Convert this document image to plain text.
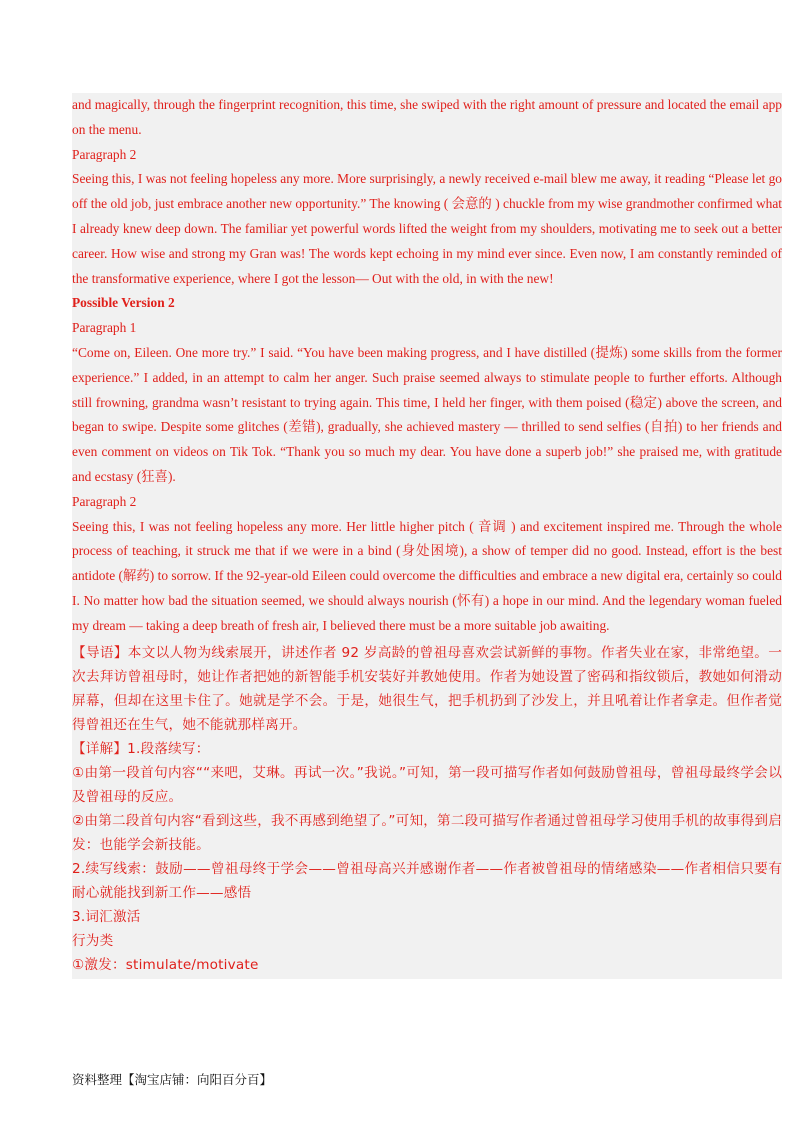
and magically, through the fingerprint recognition, this time, she swiped with the right amount of pressure and located the email app on the menu.

Paragraph 2

Seeing this, I was not feeling hopeless any more. More surprisingly, a newly received e-mail blew me away, it reading “Please let go off the old job, just embrace another new opportunity.” The knowing ( 会意的 ) chuckle from my wise grandmother confirmed what I already knew deep down. The familiar yet powerful words lifted the weight from my shoulders, motivating me to seek out a better career. How wise and strong my Gran was! The words kept echoing in my mind ever since. Even now, I am constantly reminded of the transformative experience, where I got the lesson— Out with the old, in with the new!

Possible Version 2

Paragraph 1

“Come on, Eileen. One more try.” I said. “You have been making progress, and I have distilled (提炼) some skills from the former experience.” I added, in an attempt to calm her anger. Such praise seemed always to stimulate people to further efforts. Although still frowning, grandma wasn’t resistant to trying again. This time, I held her finger, with them poised (稳定) above the screen, and began to swipe. Despite some glitches (差错), gradually, she achieved mastery — thrilled to send selfies (自拍) to her friends and even comment on videos on Tik Tok. “Thank you so much my dear. You have done a superb job!” she praised me, with gratitude and ecstasy (狂喜).

Paragraph 2

Seeing this, I was not feeling hopeless any more. Her little higher pitch ( 音调 ) and excitement inspired me. Through the whole process of teaching, it struck me that if we were in a bind (身处困境), a show of temper did no good. Instead, effort is the best antidote (解药) to sorrow. If the 92-year-old Eileen could overcome the difficulties and embrace a new digital era, certainly so could I. No matter how bad the situation seemed, we should always nourish (怀有) a hope in our mind. And the legendary woman fueled my dream — taking a deep breath of fresh air, I believed there must be a more suitable job awaiting.

【导语】本文以人物为线索展开，讲述作者 92 岁高龄的曾祖母喜欢尝试新鲜的事物。作者失业在家，非常绝望。一次去拜访曾祖母时，她让作者把她的新智能手机安装好并教她使用。作者为她设置了密码和指纹锁后，教她如何滑动屏幕，但却在这里卡住了。她就是学不会。于是，她很生气，把手机扔到了沙发上，并且吼着让作者拿走。但作者觉得曾祖还在生气，她不能就那样离开。

【详解】1.段落续写：

①由第一段首句内容““来吧，艾琳。再试一次。”我说。”可知，第一段可描写作者如何鼓励曾祖母，曾祖母最终学会以及曾祖母的反应。

②由第二段首句内容“看到这些，我不再感到绝望了。”可知，第二段可描写作者通过曾祖母学习使用手机的故事得到启发：也能学会新技能。

2.续写线索：鼓励——曾祖母终于学会——曾祖母高兴并感谢作者——作者被曾祖母的情绪感染——作者相信只要有耐心就能找到新工作——感悟

3.词汇激活

行为类

①激发：stimulate/motivate

资料整理【淘宝店铺：向阳百分百】
